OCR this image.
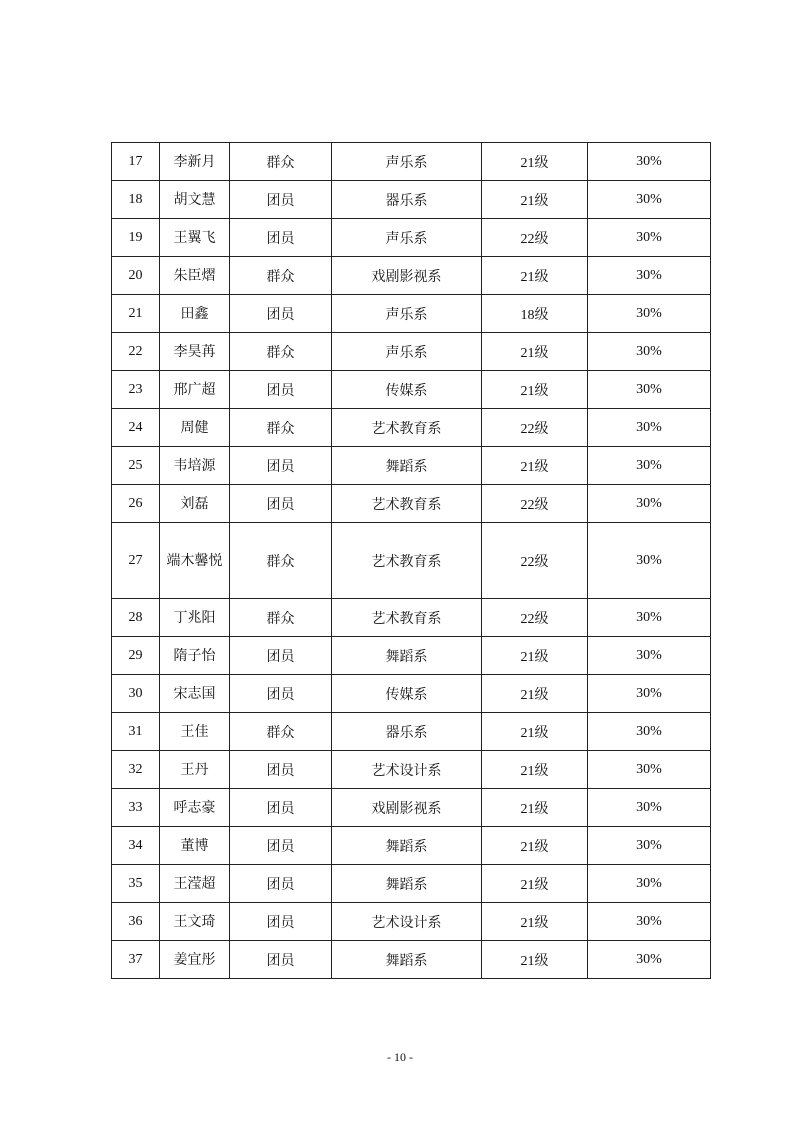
17	李新月	群众	声乐系	21级	30%
18	胡文慧	团员	器乐系	21级	30%
19	王翼飞	团员	声乐系	22级	30%
20	朱臣熠	群众	戏剧影视系	21级	30%
21	田鑫	团员	声乐系	18级	30%
22	李昊苒	群众	声乐系	21级	30%
23	邢广超	团员	传媒系	21级	30%
24	周健	群众	艺术教育系	22级	30%
25	韦培源	团员	舞蹈系	21级	30%
26	刘磊	团员	艺术教育系	22级	30%
27	端木馨悦	群众	艺术教育系	22级	30%
28	丁兆阳	群众	艺术教育系	22级	30%
29	隋子怡	团员	舞蹈系	21级	30%
30	宋志国	团员	传媒系	21级	30%
31	王佳	群众	器乐系	21级	30%
32	王丹	团员	艺术设计系	21级	30%
33	呼志豪	团员	戏剧影视系	21级	30%
34	董博	团员	舞蹈系	21级	30%
35	王滢超	团员	舞蹈系	21级	30%
36	王文琦	团员	艺术设计系	21级	30%
37	姜宜彤	团员	舞蹈系	21级	30%
- 10 -
